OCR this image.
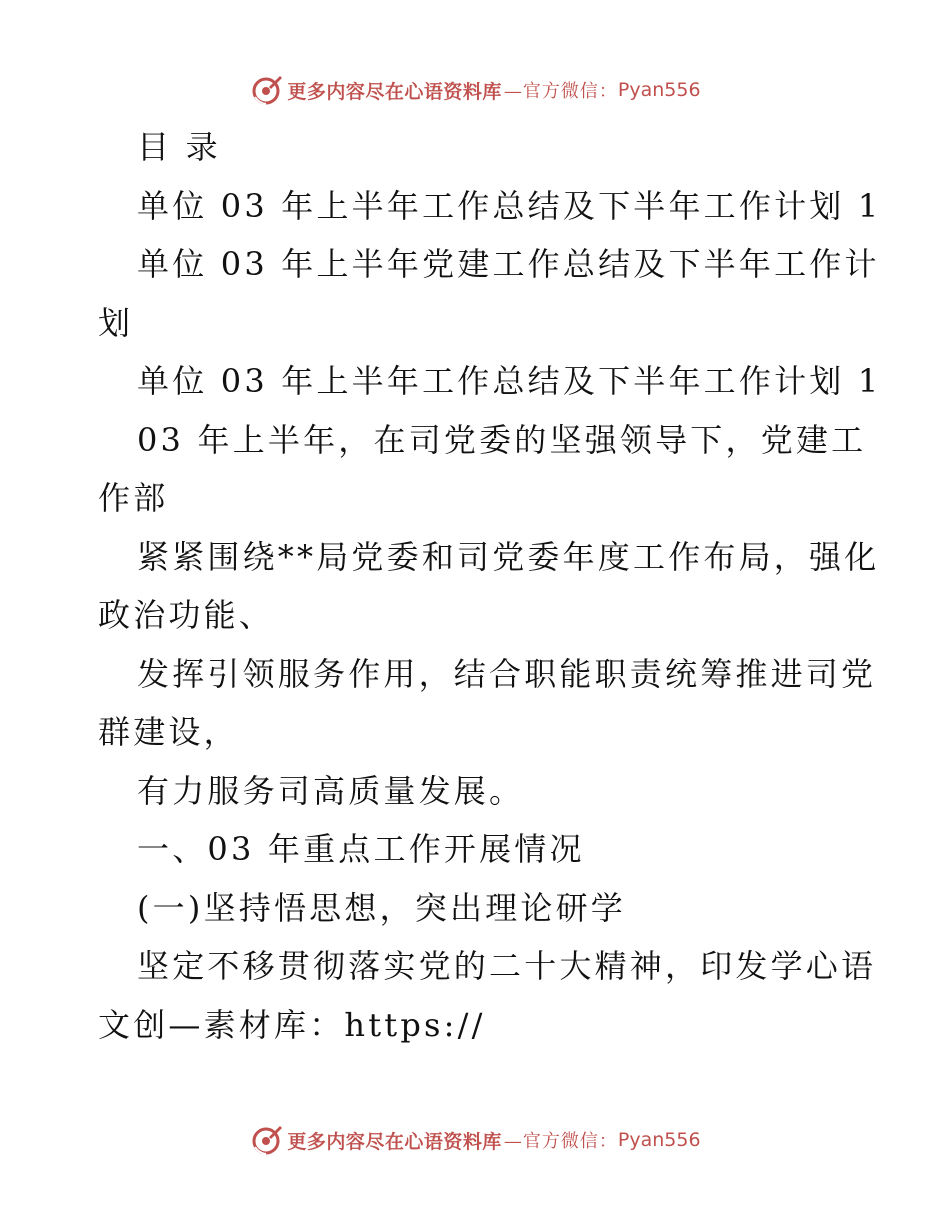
更多内容尽在心语资料库 —官方微信： Pyan556
目 录
单位 03 年上半年工作总结及下半年工作计划 1
单位 03 年上半年党建工作总结及下半年工作计
划
单位 03 年上半年工作总结及下半年工作计划 1
03 年上半年，在司党委的坚强领导下，党建工
作部
紧紧围绕**局党委和司党委年度工作布局，强化
政治功能、
发挥引领服务作用，结合职能职责统筹推进司党
群建设，
有力服务司高质量发展。
一、03 年重点工作开展情况
(一)坚持悟思想，突出理论研学
坚定不移贯彻落实党的二十大精神，印发学心语
文创—素材库：https://
更多内容尽在心语资料库 —官方微信： Pyan556
